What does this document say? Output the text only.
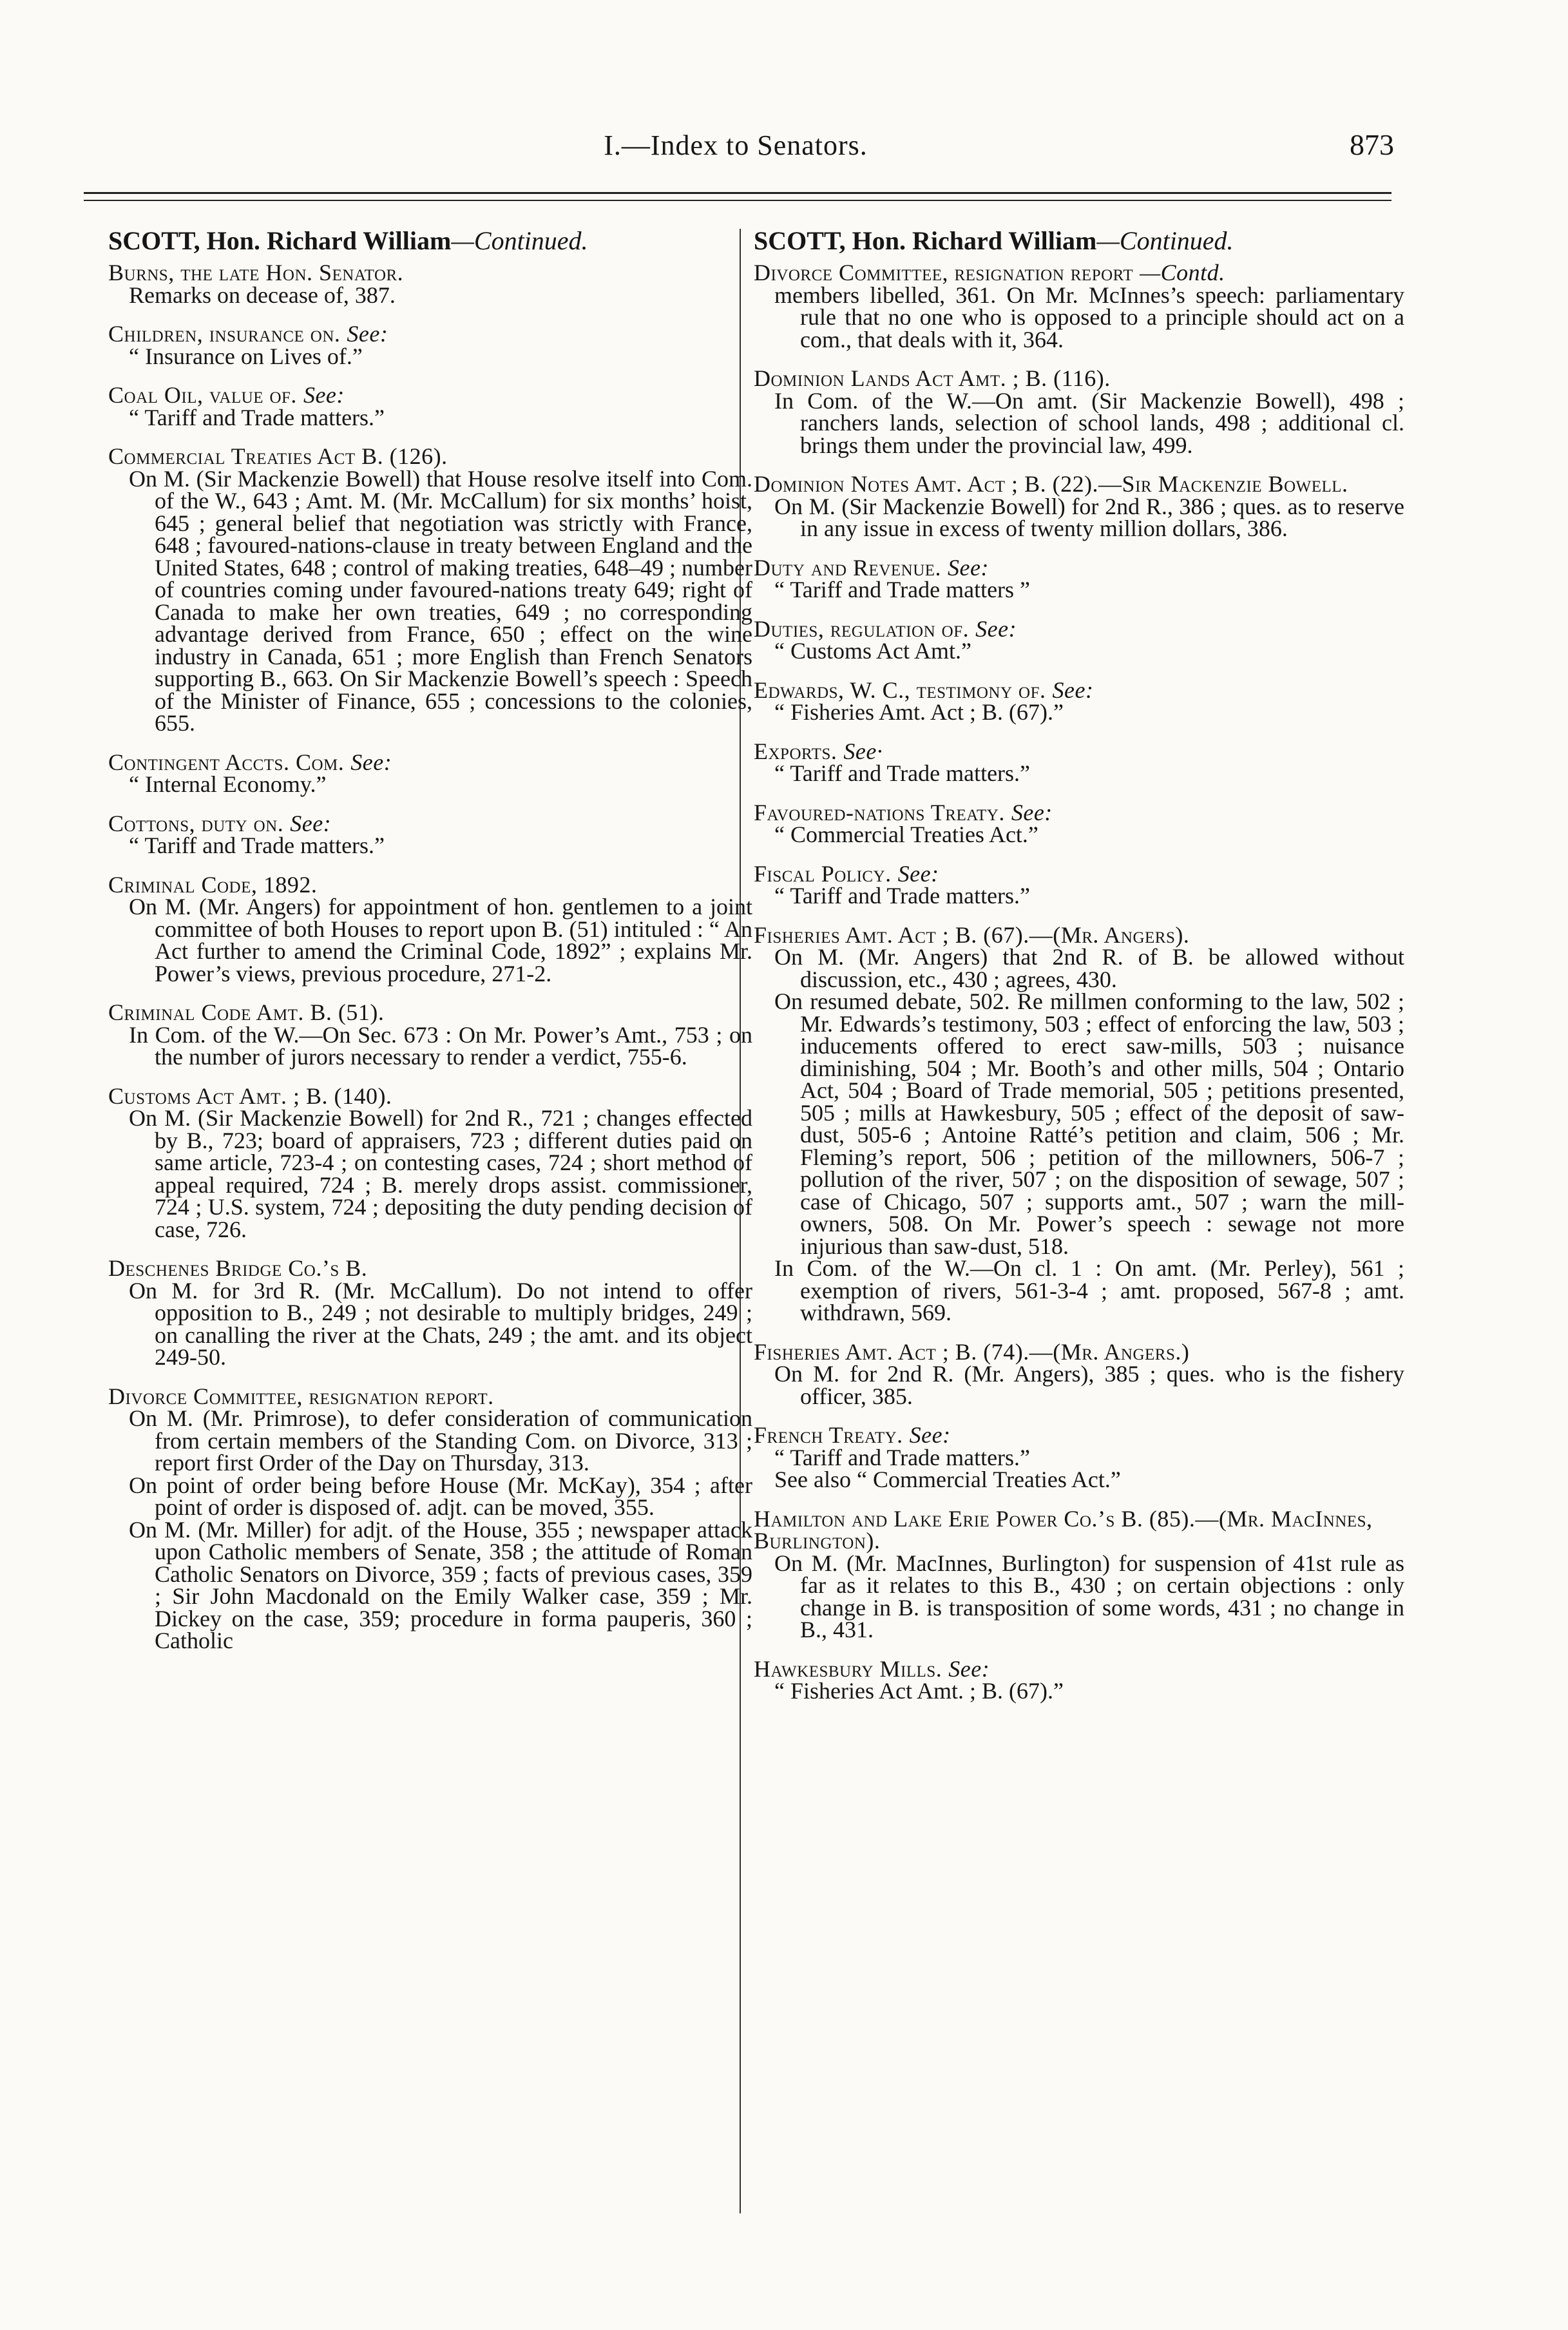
I.—Index to Senators.	873
SCOTT, Hon. Richard William—Continued.
Burns, the late Hon. Senator.
Remarks on decease of, 387.
Children, insurance on. See:
“ Insurance on Lives of.”
Coal Oil, value of. See:
“ Tariff and Trade matters.”
Commercial Treaties Act B. (126).
On M. (Sir Mackenzie Bowell) that House resolve itself into Com. of the W., 643 ; Amt. M. (Mr. McCallum) for six months’ hoist, 645 ; general belief that negotiation was strictly with France, 648 ; favoured-nations-clause in treaty between England and the United States, 648 ; control of making treaties, 648–49 ; number of countries coming under favoured-nations treaty 649; right of Canada to make her own treaties, 649 ; no corresponding advantage derived from France, 650 ; effect on the wine industry in Canada, 651 ; more English than French Senators supporting B., 663. On Sir Mackenzie Bowell’s speech : Speech of the Minister of Finance, 655 ; concessions to the colonies, 655.
Contingent Accts. Com. See:
“ Internal Economy.”
Cottons, duty on. See:
“ Tariff and Trade matters.”
Criminal Code, 1892.
On M. (Mr. Angers) for appointment of hon. gentlemen to a joint committee of both Houses to report upon B. (51) intituled : “ An Act further to amend the Criminal Code, 1892” ; explains Mr. Power’s views, previous procedure, 271-2.
Criminal Code Amt. B. (51).
In Com. of the W.—On Sec. 673 : On Mr. Power’s Amt., 753 ; on the number of jurors necessary to render a verdict, 755-6.
Customs Act Amt. ; B. (140).
On M. (Sir Mackenzie Bowell) for 2nd R., 721 ; changes effected by B., 723; board of appraisers, 723 ; different duties paid on same article, 723-4 ; on contesting cases, 724 ; short method of appeal required, 724 ; B. merely drops assist. commissioner, 724 ; U.S. system, 724 ; depositing the duty pending decision of case, 726.
Deschenes Bridge Co.’s B.
On M. for 3rd R. (Mr. McCallum). Do not intend to offer opposition to B., 249 ; not desirable to multiply bridges, 249 ; on canalling the river at the Chats, 249 ; the amt. and its object 249-50.
Divorce Committee, resignation report.
On M. (Mr. Primrose), to defer consideration of communication from certain members of the Standing Com. on Divorce, 313 ; report first Order of the Day on Thursday, 313.
On point of order being before House (Mr. McKay), 354 ; after point of order is disposed of. adjt. can be moved, 355.
On M. (Mr. Miller) for adjt. of the House, 355 ; newspaper attack upon Catholic members of Senate, 358 ; the attitude of Roman Catholic Senators on Divorce, 359 ; facts of previous cases, 359 ; Sir John Macdonald on the Emily Walker case, 359 ; Mr. Dickey on the case, 359; procedure in forma pauperis, 360 ; Catholic
SCOTT, Hon. Richard William—Continued.
Divorce Committee, resignation report —Contd.
members libelled, 361. On Mr. McInnes’s speech: parliamentary rule that no one who is opposed to a principle should act on a com., that deals with it, 364.
Dominion Lands Act Amt. ; B. (116).
In Com. of the W.—On amt. (Sir Mackenzie Bowell), 498 ; ranchers lands, selection of school lands, 498 ; additional cl. brings them under the provincial law, 499.
Dominion Notes Amt. Act ; B. (22).—Sir Mackenzie Bowell.
On M. (Sir Mackenzie Bowell) for 2nd R., 386 ; ques. as to reserve in any issue in excess of twenty million dollars, 386.
Duty and Revenue. See:
“ Tariff and Trade matters ”
Duties, regulation of. See:
“ Customs Act Amt.”
Edwards, W. C., testimony of. See:
“ Fisheries Amt. Act ; B. (67).”
Exports. See·
“ Tariff and Trade matters.”
Favoured-nations Treaty. See:
“ Commercial Treaties Act.”
Fiscal Policy. See:
“ Tariff and Trade matters.”
Fisheries Amt. Act ; B. (67).—(Mr. Angers).
On M. (Mr. Angers) that 2nd R. of B. be allowed without discussion, etc., 430 ; agrees, 430.
On resumed debate, 502. Re millmen conforming to the law, 502 ; Mr. Edwards’s testimony, 503 ; effect of enforcing the law, 503 ; inducements offered to erect saw-mills, 503 ; nuisance diminishing, 504 ; Mr. Booth’s and other mills, 504 ; Ontario Act, 504 ; Board of Trade memorial, 505 ; petitions presented, 505 ; mills at Hawkesbury, 505 ; effect of the deposit of saw-dust, 505-6 ; Antoine Ratté’s petition and claim, 506 ; Mr. Fleming’s report, 506 ; petition of the millowners, 506-7 ; pollution of the river, 507 ; on the disposition of sewage, 507 ; case of Chicago, 507 ; supports amt., 507 ; warn the mill-owners, 508. On Mr. Power’s speech : sewage not more injurious than saw-dust, 518.
In Com. of the W.—On cl. 1 : On amt. (Mr. Perley), 561 ; exemption of rivers, 561-3-4 ; amt. proposed, 567-8 ; amt. withdrawn, 569.
Fisheries Amt. Act ; B. (74).—(Mr. Angers.)
On M. for 2nd R. (Mr. Angers), 385 ; ques. who is the fishery officer, 385.
French Treaty. See:
“ Tariff and Trade matters.”
See also “ Commercial Treaties Act.”
Hamilton and Lake Erie Power Co.’s B. (85).—(Mr. MacInnes, Burlington).
On M. (Mr. MacInnes, Burlington) for suspension of 41st rule as far as it relates to this B., 430 ; on certain objections : only change in B. is transposition of some words, 431 ; no change in B., 431.
Hawkesbury Mills. See:
“ Fisheries Act Amt. ; B. (67).”
